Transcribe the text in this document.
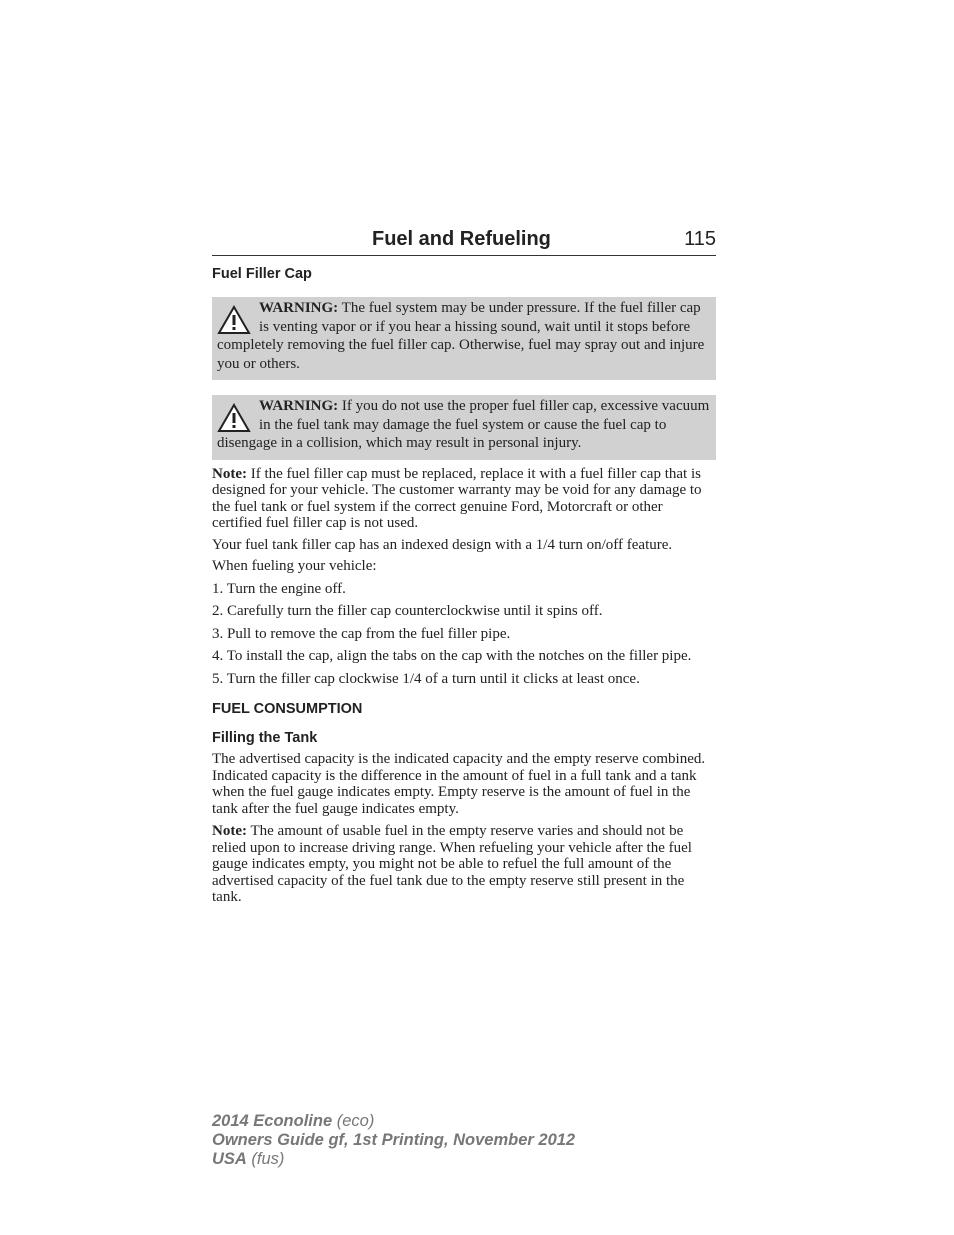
Fuel and Refueling	115
Fuel Filler Cap
WARNING: The fuel system may be under pressure. If the fuel filler cap is venting vapor or if you hear a hissing sound, wait until it stops before completely removing the fuel filler cap. Otherwise, fuel may spray out and injure you or others.
WARNING: If you do not use the proper fuel filler cap, excessive vacuum in the fuel tank may damage the fuel system or cause the fuel cap to disengage in a collision, which may result in personal injury.

Note: If the fuel filler cap must be replaced, replace it with a fuel filler cap that is designed for your vehicle. The customer warranty may be void for any damage to the fuel tank or fuel system if the correct genuine Ford, Motorcraft or other certified fuel filler cap is not used.

Your fuel tank filler cap has an indexed design with a 1/4 turn on/off feature.

When fueling your vehicle:

1. Turn the engine off.
2. Carefully turn the filler cap counterclockwise until it spins off.
3. Pull to remove the cap from the fuel filler pipe.
4. To install the cap, align the tabs on the cap with the notches on the filler pipe.
5. Turn the filler cap clockwise 1/4 of a turn until it clicks at least once.
FUEL CONSUMPTION
Filling the Tank

The advertised capacity is the indicated capacity and the empty reserve combined. Indicated capacity is the difference in the amount of fuel in a full tank and a tank when the fuel gauge indicates empty. Empty reserve is the amount of fuel in the tank after the fuel gauge indicates empty.

Note: The amount of usable fuel in the empty reserve varies and should not be relied upon to increase driving range. When refueling your vehicle after the fuel gauge indicates empty, you might not be able to refuel the full amount of the advertised capacity of the fuel tank due to the empty reserve still present in the tank.

2014 Econoline (eco)
Owners Guide gf, 1st Printing, November 2012
USA (fus)
